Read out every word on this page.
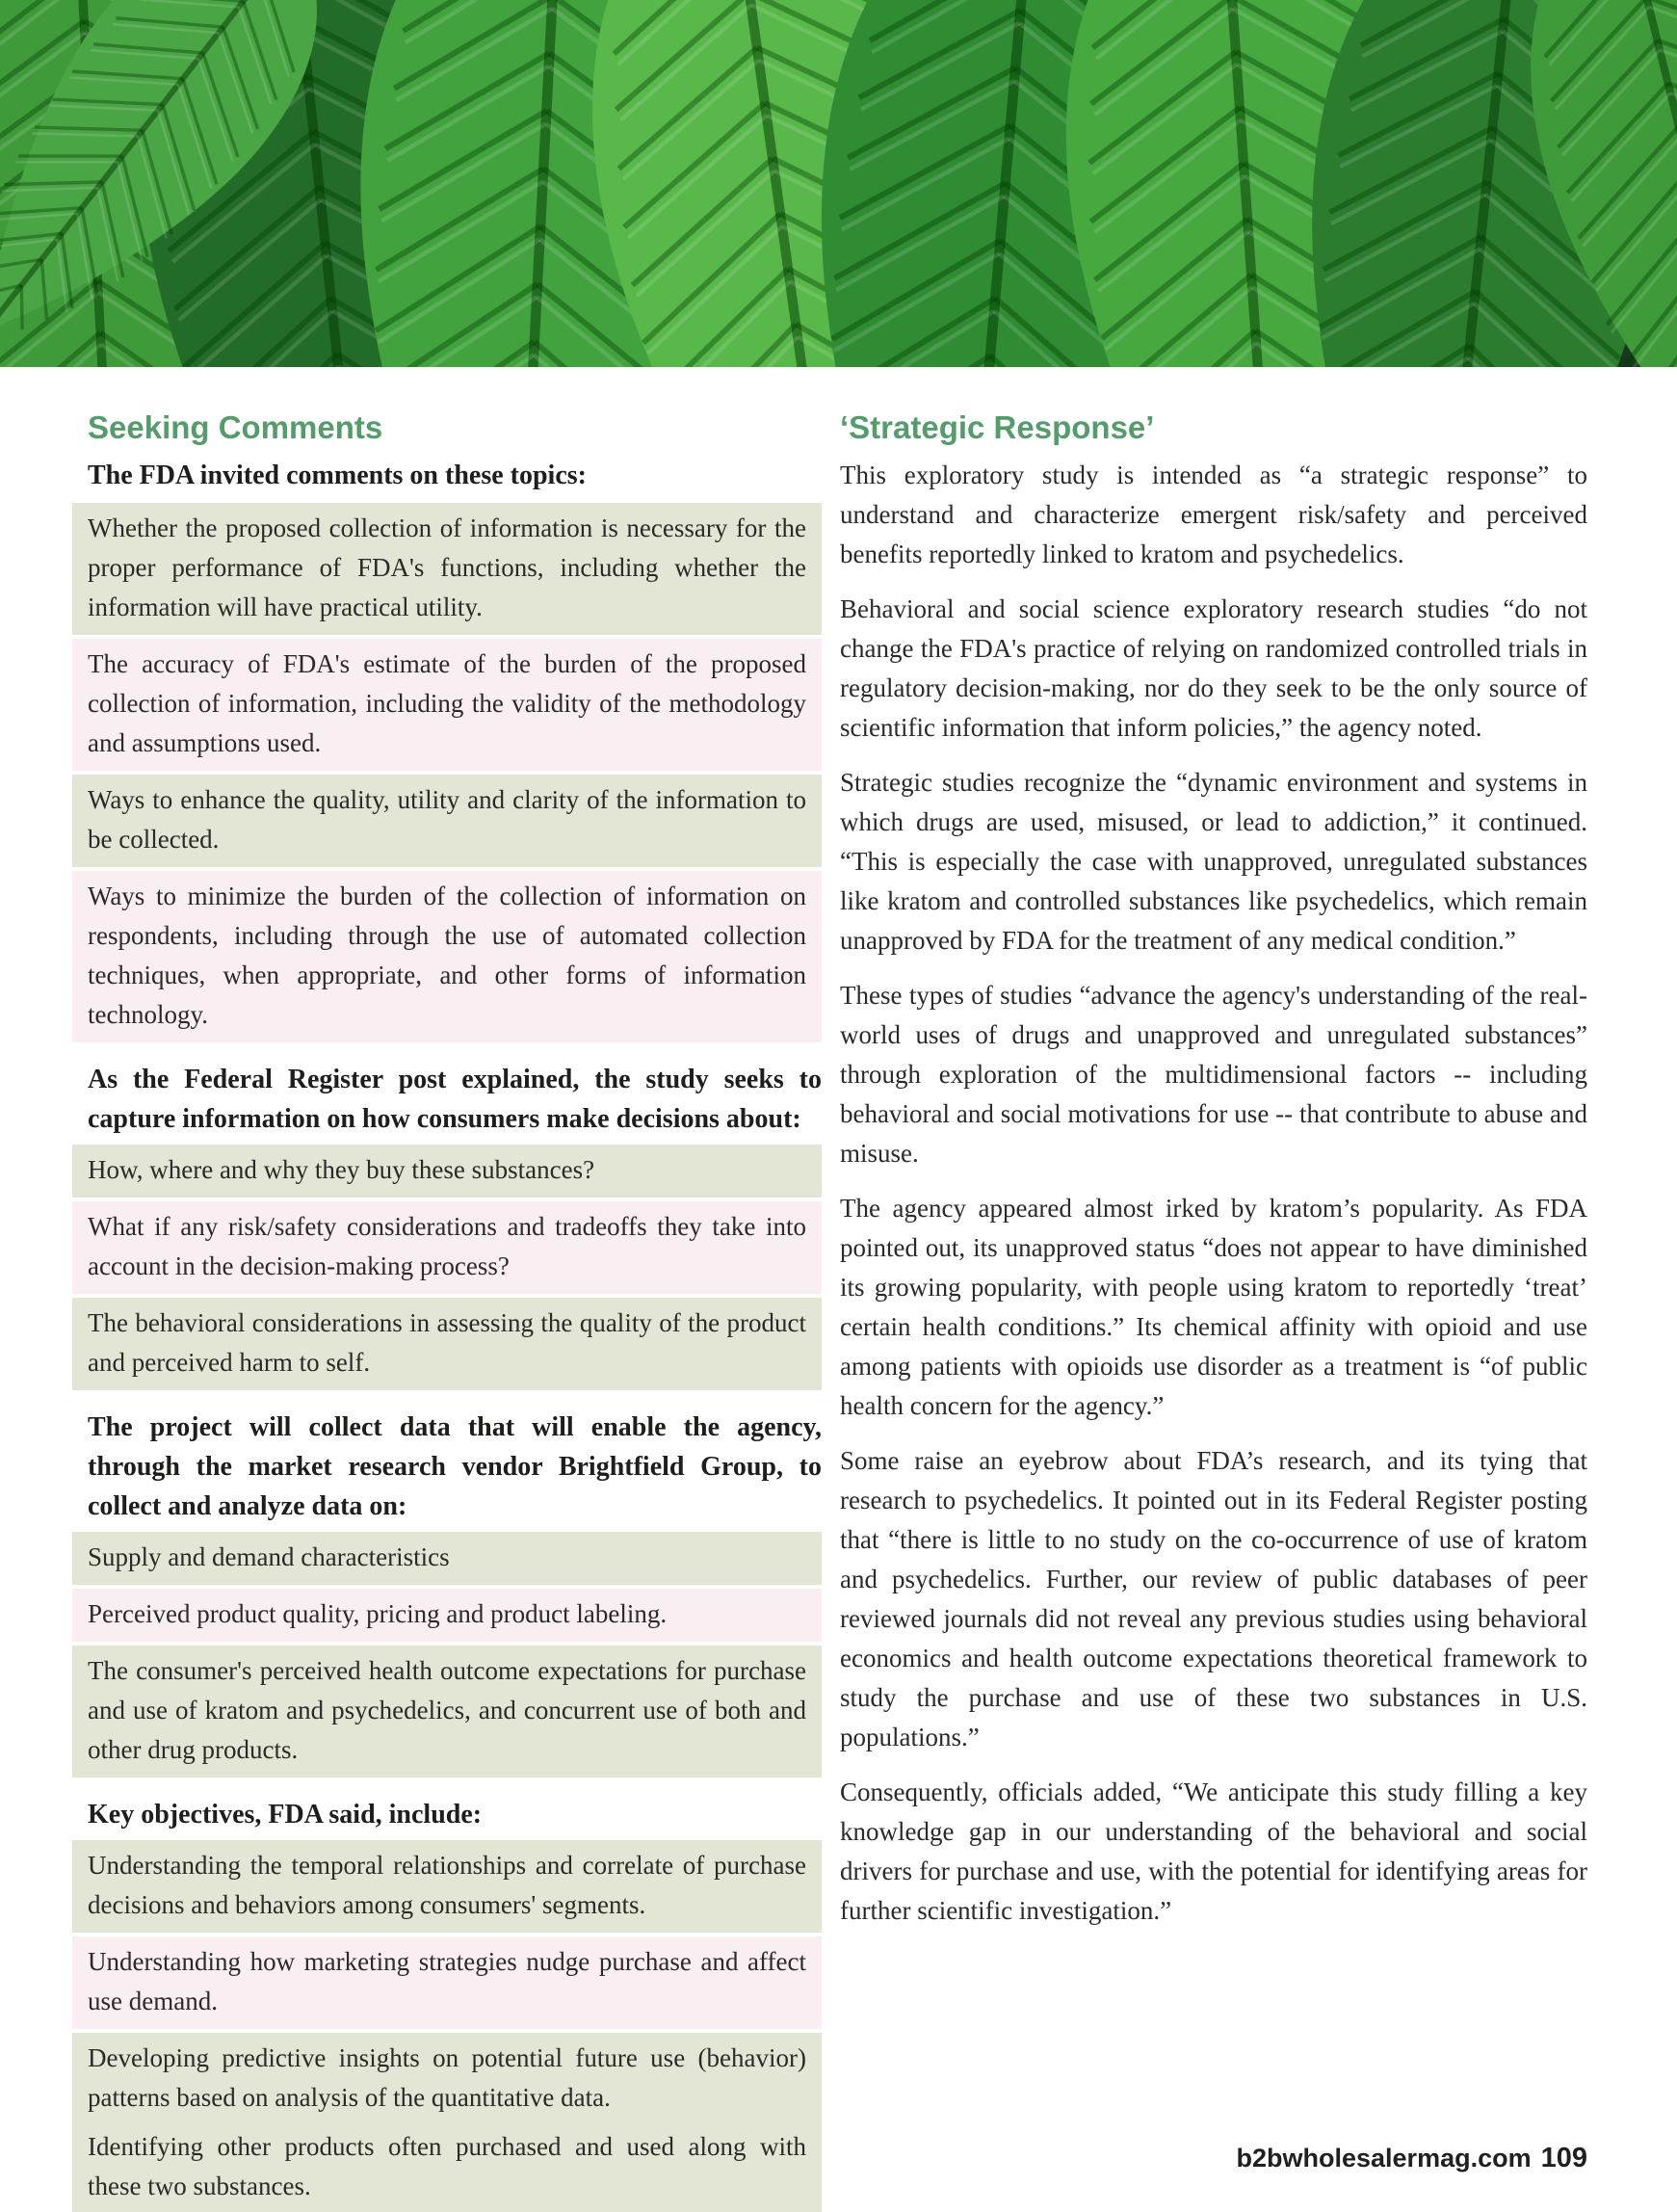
Seeking Comments

The FDA invited comments on these topics:

Whether the proposed collection of information is necessary for the proper performance of FDA's functions, including whether the information will have practical utility.

The accuracy of FDA's estimate of the burden of the proposed collection of information, including the validity of the methodology and assumptions used.

Ways to enhance the quality, utility and clarity of the information to be collected.

Ways to minimize the burden of the collection of information on respondents, including through the use of automated collection techniques, when appropriate, and other forms of information technology.

As the Federal Register post explained, the study seeks to capture information on how consumers make decisions about:

How, where and why they buy these substances?

What if any risk/safety considerations and tradeoffs they take into account in the decision-making process?

The behavioral considerations in assessing the quality of the product and perceived harm to self.

The project will collect data that will enable the agency, through the market research vendor Brightfield Group, to collect and analyze data on:

Supply and demand characteristics

Perceived product quality, pricing and product labeling.

The consumer's perceived health outcome expectations for purchase and use of kratom and psychedelics, and concurrent use of both and other drug products.

Key objectives, FDA said, include:

Understanding the temporal relationships and correlate of purchase decisions and behaviors among consumers' segments.

Understanding how marketing strategies nudge purchase and affect use demand.

Developing predictive insights on potential future use (behavior) patterns based on analysis of the quantitative data.

Identifying other products often purchased and used along with these two substances.

‘Strategic Response’

This exploratory study is intended as “a strategic response” to understand and characterize emergent risk/safety and perceived benefits reportedly linked to kratom and psychedelics.

Behavioral and social science exploratory research studies “do not change the FDA's practice of relying on randomized controlled trials in regulatory decision-making, nor do they seek to be the only source of scientific information that inform policies,” the agency noted.

Strategic studies recognize the “dynamic environment and systems in which drugs are used, misused, or lead to addiction,” it continued. “This is especially the case with unapproved, unregulated substances like kratom and controlled substances like psychedelics, which remain unapproved by FDA for the treatment of any medical condition.”

These types of studies “advance the agency's understanding of the real-world uses of drugs and unapproved and unregulated substances” through exploration of the multidimensional factors -- including behavioral and social motivations for use -- that contribute to abuse and misuse.

The agency appeared almost irked by kratom’s popularity. As FDA pointed out, its unapproved status “does not appear to have diminished its growing popularity, with people using kratom to reportedly ‘treat’ certain health conditions.” Its chemical affinity with opioid and use among patients with opioids use disorder as a treatment is “of public health concern for the agency.”

Some raise an eyebrow about FDA’s research, and its tying that research to psychedelics. It pointed out in its Federal Register posting that “there is little to no study on the co-occurrence of use of kratom and psychedelics. Further, our review of public databases of peer reviewed journals did not reveal any previous studies using behavioral economics and health outcome expectations theoretical framework to study the purchase and use of these two substances in U.S. populations.”

Consequently, officials added, “We anticipate this study filling a key knowledge gap in our understanding of the behavioral and social drivers for purchase and use, with the potential for identifying areas for further scientific investigation.”

b2bwholesalermag.com 109
